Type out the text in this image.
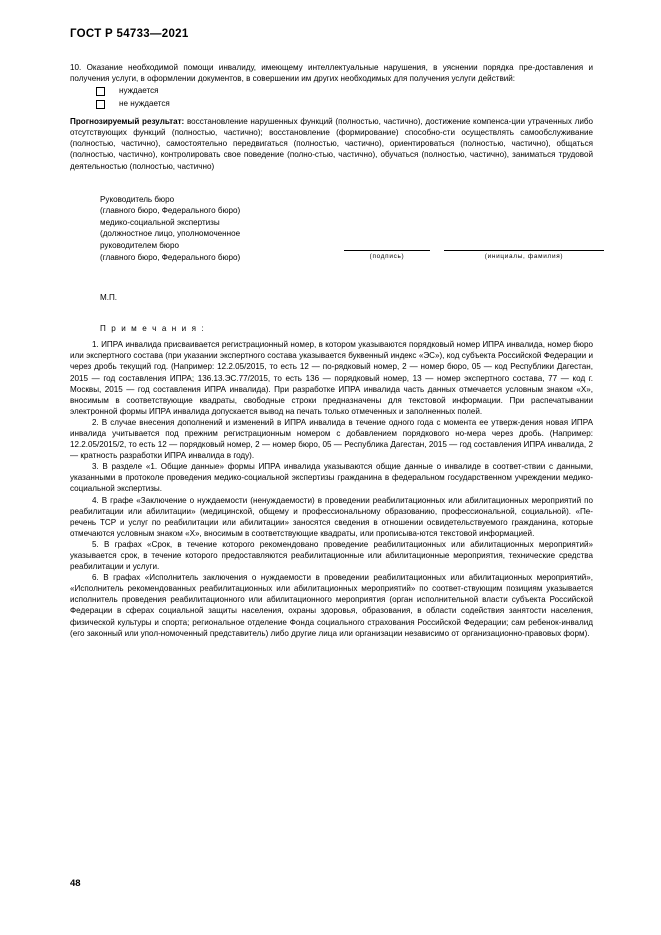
ГОСТ Р 54733—2021

10. Оказание необходимой помощи инвалиду, имеющему интеллектуальные нарушения, в уяснении порядка пре-доставления и получения услуги, в оформлении документов, в совершении им других необходимых для получения услуги действий:

нуждается
не нуждается

Прогнозируемый результат: восстановление нарушенных функций (полностью, частично), достижение компенса-ции утраченных либо отсутствующих функций (полностью, частично); восстановление (формирование) способно-сти осуществлять самообслуживание (полностью, частично), самостоятельно передвигаться (полностью, частично), ориентироваться (полностью, частично), общаться (полностью, частично), контролировать свое поведение (полно-стью, частично), обучаться (полностью, частично), заниматься трудовой деятельностью (полностью, частично)

Руководитель бюро
(главного бюро, Федерального бюро)
медико-социальной экспертизы
(должностное лицо, уполномоченное
руководителем бюро
(главного бюро, Федерального бюро)	(подпись)	(инициалы, фамилия)
М.П.
П р и м е ч а н и я :

1. ИПРА инвалида присваивается регистрационный номер, в котором указываются порядковый номер ИПРА инвалида, номер бюро или экспертного состава (при указании экспертного состава указывается буквенный индекс «ЭС»), код субъекта Российской Федерации и через дробь текущий год. (Например: 12.2.05/2015, то есть 12 — по-рядковый номер, 2 — номер бюро, 05 — код Республики Дагестан, 2015 — год составления ИПРА; 136.13.ЭС.77/2015, то есть 136 — порядковый номер, 13 — номер экспертного состава, 77 — код г. Москвы, 2015 — год составления ИПРА инвалида). При разработке ИПРА инвалида часть данных отмечается условным знаком «Х», вносимым в соответствующие квадраты, свободные строки предназначены для текстовой информации. При распечатывании электронной формы ИПРА инвалида допускается вывод на печать только отмеченных и заполненных полей.

2. В случае внесения дополнений и изменений в ИПРА инвалида в течение одного года с момента ее утверж-дения новая ИПРА инвалида учитывается под прежним регистрационным номером с добавлением порядкового но-мера через дробь. (Например: 12.2.05/2015/2, то есть 12 — порядковый номер, 2 — номер бюро, 05 — Республика Дагестан, 2015 — год составления ИПРА инвалида, 2 — кратность разработки ИПРА инвалида в году).

3. В разделе «1. Общие данные» формы ИПРА инвалида указываются общие данные о инвалиде в соответ-ствии с данными, указанными в протоколе проведения медико-социальной экспертизы гражданина в федеральном государственном учреждении медико-социальной экспертизы.

4. В графе «Заключение о нуждаемости (ненуждаемости) в проведении реабилитационных или абилитационных мероприятий по реабилитации или абилитации» (медицинской, общему и профессиональному образованию, профессиональной, социальной). «Пе-речень ТСР и услуг по реабилитации или абилитации» заносятся сведения в отношении освидетельствуемого гражданина, которые отмечаются условным знаком «Х», вносимым в соответствующие квадраты, или прописыва-ются текстовой информацией.

5. В графах «Срок, в течение которого рекомендовано проведение реабилитационных или абилитационных мероприятий» указывается срок, в течение которого предоставляются реабилитационные или абилитационные мероприятия, технические средства реабилитации и услуги.

6. В графах «Исполнитель заключения о нуждаемости в проведении реабилитационных или абилитационных мероприятий», «Исполнитель рекомендованных реабилитационных или абилитационных мероприятий» по соответ-ствующим позициям указывается исполнитель проведения реабилитационного или абилитационного мероприятия (орган исполнительной власти субъекта Российской Федерации в сферах социальной защиты населения, охраны здоровья, образования, в области содействия занятости населения, физической культуры и спорта; региональное отделение Фонда социального страхования Российской Федерации; сам ребенок-инвалид (его законный или упол-номоченный представитель) либо другие лица или организации независимо от организационно-правовых форм).

48
